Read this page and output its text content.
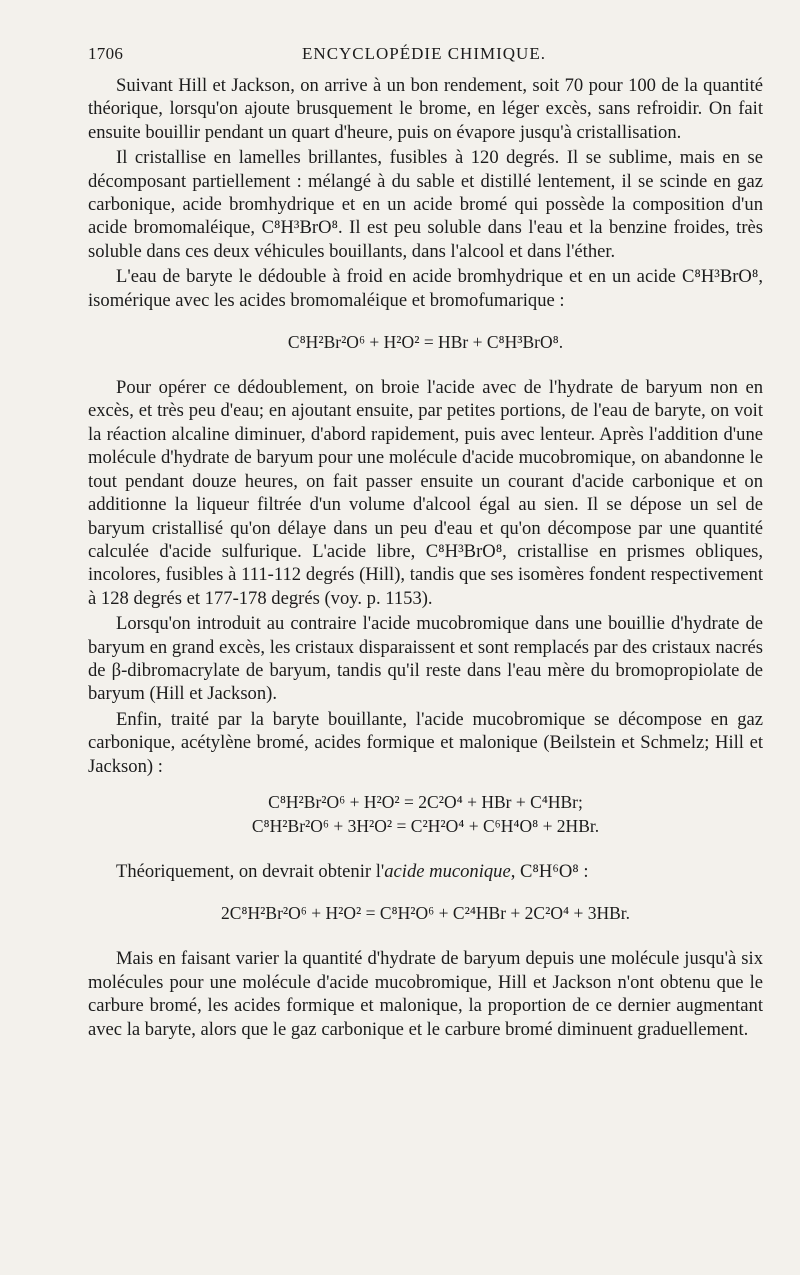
1706	ENCYCLOPÉDIE CHIMIQUE.

Suivant Hill et Jackson, on arrive à un bon rendement, soit 70 pour 100 de la quantité théorique, lorsqu'on ajoute brusquement le brome, en léger excès, sans refroidir. On fait ensuite bouillir pendant un quart d'heure, puis on évapore jusqu'à cristallisation.

Il cristallise en lamelles brillantes, fusibles à 120 degrés. Il se sublime, mais en se décomposant partiellement : mélangé à du sable et distillé lentement, il se scinde en gaz carbonique, acide bromhydrique et en un acide bromé qui possède la composition d'un acide bromomaléique, C⁸H³BrO⁸. Il est peu soluble dans l'eau et la benzine froides, très soluble dans ces deux véhicules bouillants, dans l'alcool et dans l'éther.

L'eau de baryte le dédouble à froid en acide bromhydrique et en un acide C⁸H³BrO⁸, isomérique avec les acides bromomaléique et bromofumarique :

C⁸H²Br²O⁶ + H²O² = HBr + C⁸H³BrO⁸.

Pour opérer ce dédoublement, on broie l'acide avec de l'hydrate de baryum non en excès, et très peu d'eau; en ajoutant ensuite, par petites portions, de l'eau de baryte, on voit la réaction alcaline diminuer, d'abord rapidement, puis avec lenteur. Après l'addition d'une molécule d'hydrate de baryum pour une molécule d'acide mucobromique, on abandonne le tout pendant douze heures, on fait passer ensuite un courant d'acide carbonique et on additionne la liqueur filtrée d'un volume d'alcool égal au sien. Il se dépose un sel de baryum cristallisé qu'on délaye dans un peu d'eau et qu'on décompose par une quantité calculée d'acide sulfurique. L'acide libre, C⁸H³BrO⁸, cristallise en prismes obliques, incolores, fusibles à 111-112 degrés (Hill), tandis que ses isomères fondent respectivement à 128 degrés et 177-178 degrés (voy. p. 1153).

Lorsqu'on introduit au contraire l'acide mucobromique dans une bouillie d'hydrate de baryum en grand excès, les cristaux disparaissent et sont remplacés par des cristaux nacrés de β-dibromacrylate de baryum, tandis qu'il reste dans l'eau mère du bromopropiolate de baryum (Hill et Jackson).

Enfin, traité par la baryte bouillante, l'acide mucobromique se décompose en gaz carbonique, acétylène bromé, acides formique et malonique (Beilstein et Schmelz; Hill et Jackson) :

C⁸H²Br²O⁶ + H²O² = 2C²O⁴ + HBr + C⁴HBr;

C⁸H²Br²O⁶ + 3H²O² = C²H²O⁴ + C⁶H⁴O⁸ + 2HBr.

Théoriquement, on devrait obtenir l'acide muconique, C⁸H⁶O⁸ :

2C⁸H²Br²O⁶ + H²O² = C⁸H²O⁶ + C²⁴HBr + 2C²O⁴ + 3HBr.

Mais en faisant varier la quantité d'hydrate de baryum depuis une molécule jusqu'à six molécules pour une molécule d'acide mucobromique, Hill et Jackson n'ont obtenu que le carbure bromé, les acides formique et malonique, la proportion de ce dernier augmentant avec la baryte, alors que le gaz carbonique et le carbure bromé diminuent graduellement.
